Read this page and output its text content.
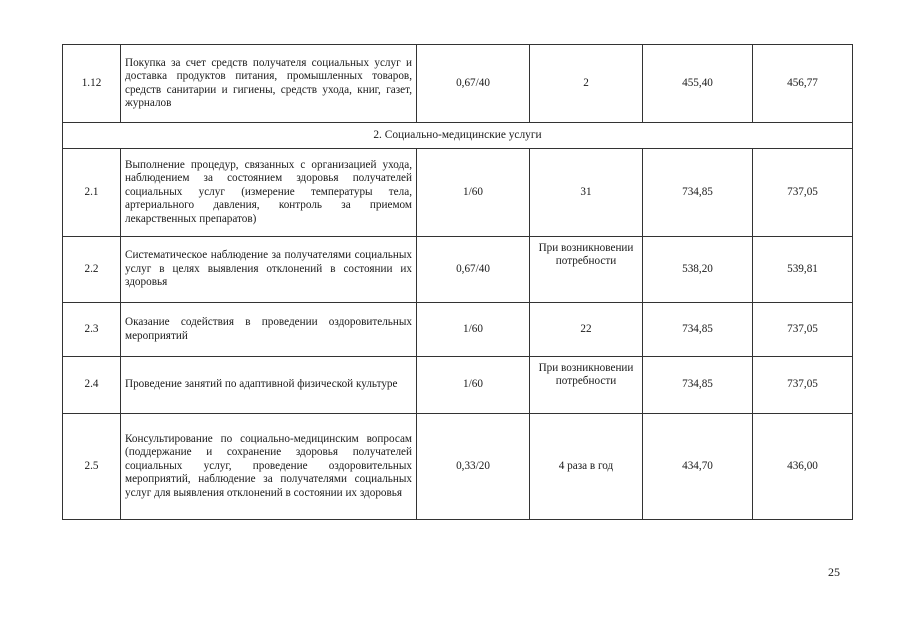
1.12	Покупка за счет средств получателя социальных услуг и доставка продуктов питания, промышленных товаров, средств санитарии и гигиены, средств ухода, книг, газет, журналов	0,67/40	2	455,40	456,77
2. Социально-медицинские услуги					
2.1	Выполнение процедур, связанных с организацией ухода, наблюдением за состоянием здоровья получателей социальных услуг (измерение температуры тела, артериального давления, контроль за приемом лекарственных препаратов)	1/60	31	734,85	737,05
2.2	Систематическое наблюдение за получателями социальных услуг в целях выявления отклонений в состоянии их здоровья	0,67/40	При возникновении потребности	538,20	539,81
2.3	Оказание содействия в проведении оздоровительных мероприятий	1/60	22	734,85	737,05
2.4	Проведение занятий по адаптивной физической культуре	1/60	При возникновении потребности	734,85	737,05
2.5	Консультирование по социально-медицинским вопросам (поддержание и сохранение здоровья получателей социальных услуг, проведение оздоровительных мероприятий, наблюдение за получателями социальных услуг для выявления отклонений в состоянии их здоровья	0,33/20	4 раза в год	434,70	436,00
25
